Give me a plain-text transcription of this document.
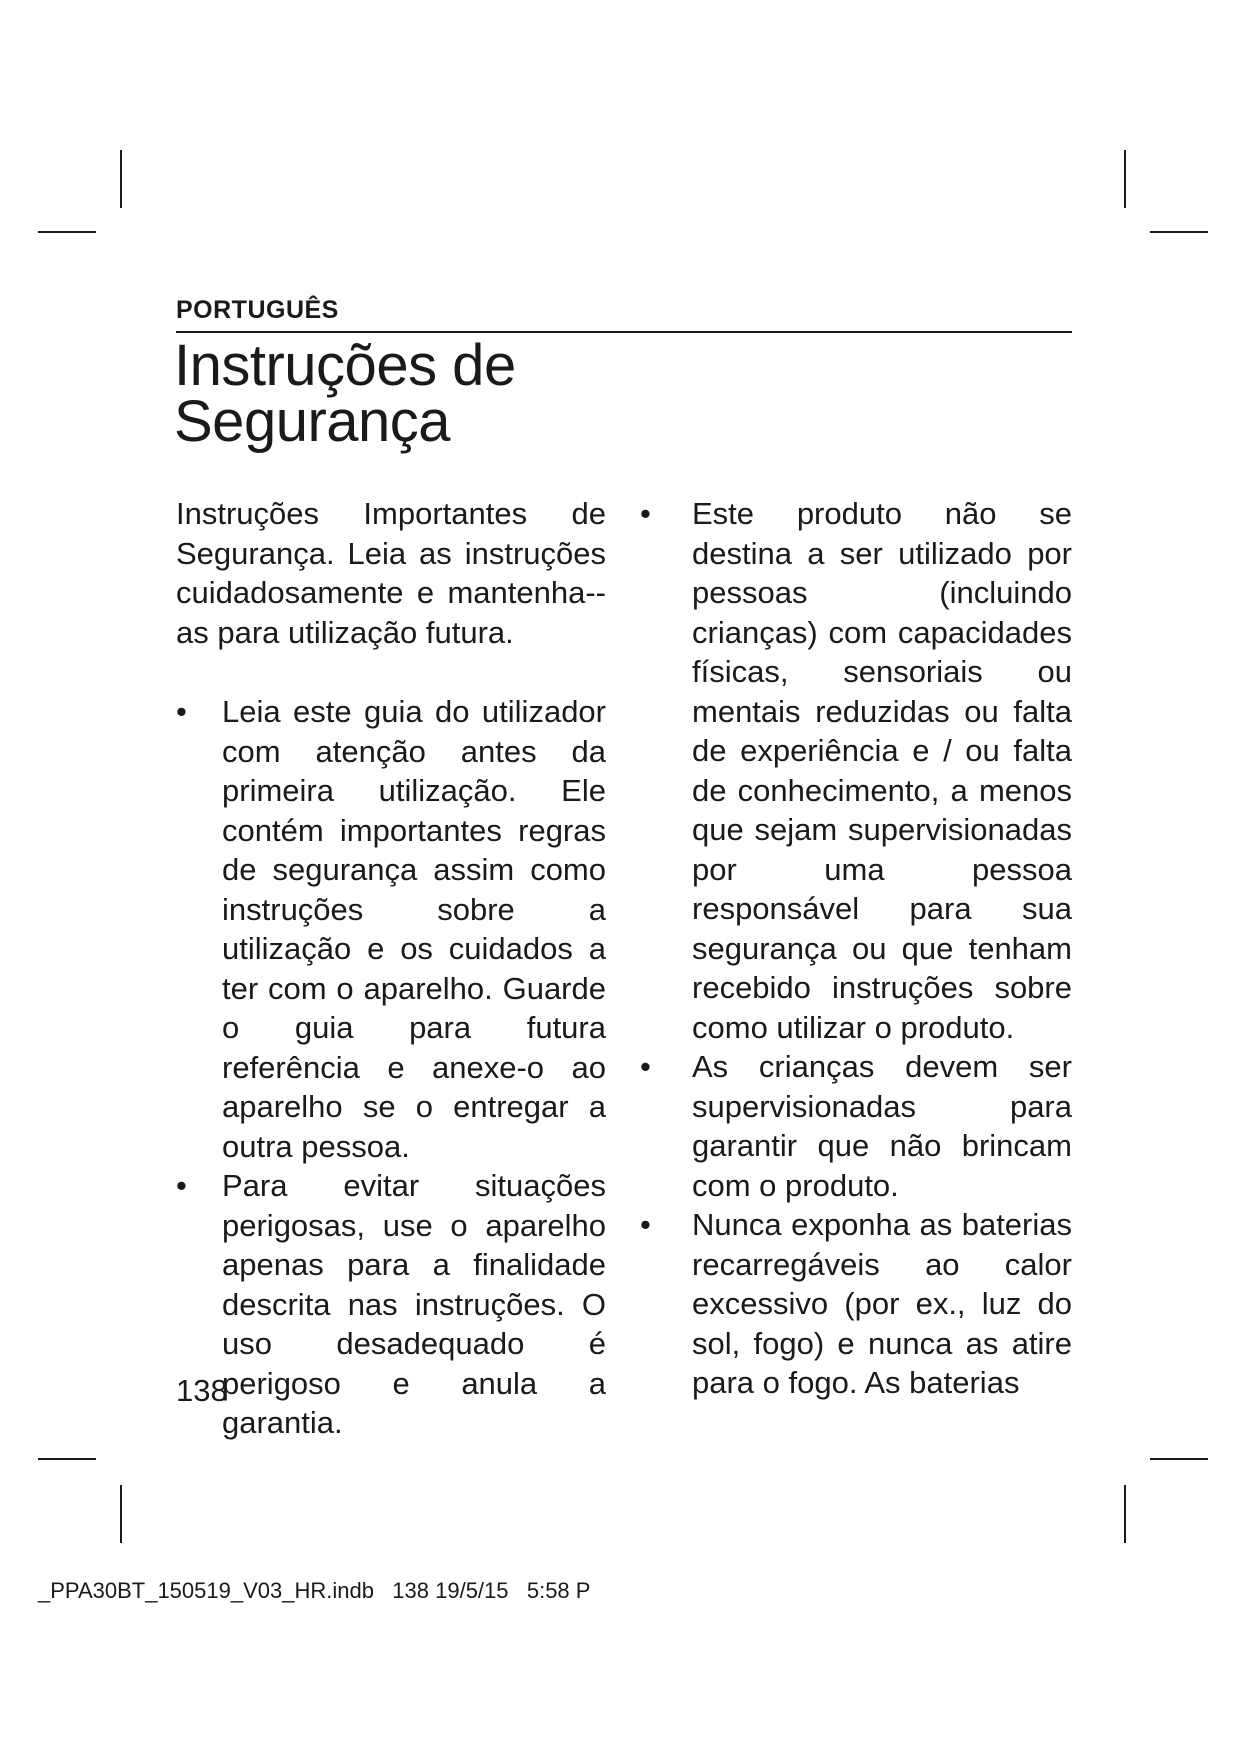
PORTUGUÊS
Instruções de
Segurança

Instruções Importantes de Segurança. Leia as instruções cuidadosamente e mantenha--as para utilização futura.

• Leia este guia do utilizador com atenção antes da primeira utilização. Ele contém importantes regras de segurança assim como instruções sobre a utilização e os cuidados a ter com o aparelho. Guarde o guia para futura referência e anexe-o ao aparelho se o entregar a outra pessoa.

• Para evitar situações perigosas, use o aparelho apenas para a finalidade descrita nas instruções. O uso desadequado é perigoso e anula a garantia.

• Este produto não se destina a ser utilizado por pessoas (incluindo crianças) com capacidades físicas, sensoriais ou mentais reduzidas ou falta de experiência e / ou falta de conhecimento, a menos que sejam supervisionadas por uma pessoa responsável para sua segurança ou que tenham recebido instruções sobre como utilizar o produto.

• As crianças devem ser supervisionadas para garantir que não brincam com o produto.

• Nunca exponha as baterias recarregáveis ao calor excessivo (por ex., luz do sol, fogo) e nunca as atire para o fogo. As baterias

138
_PPA30BT_150519_V03_HR.indb   138 19/5/15   5:58 P
